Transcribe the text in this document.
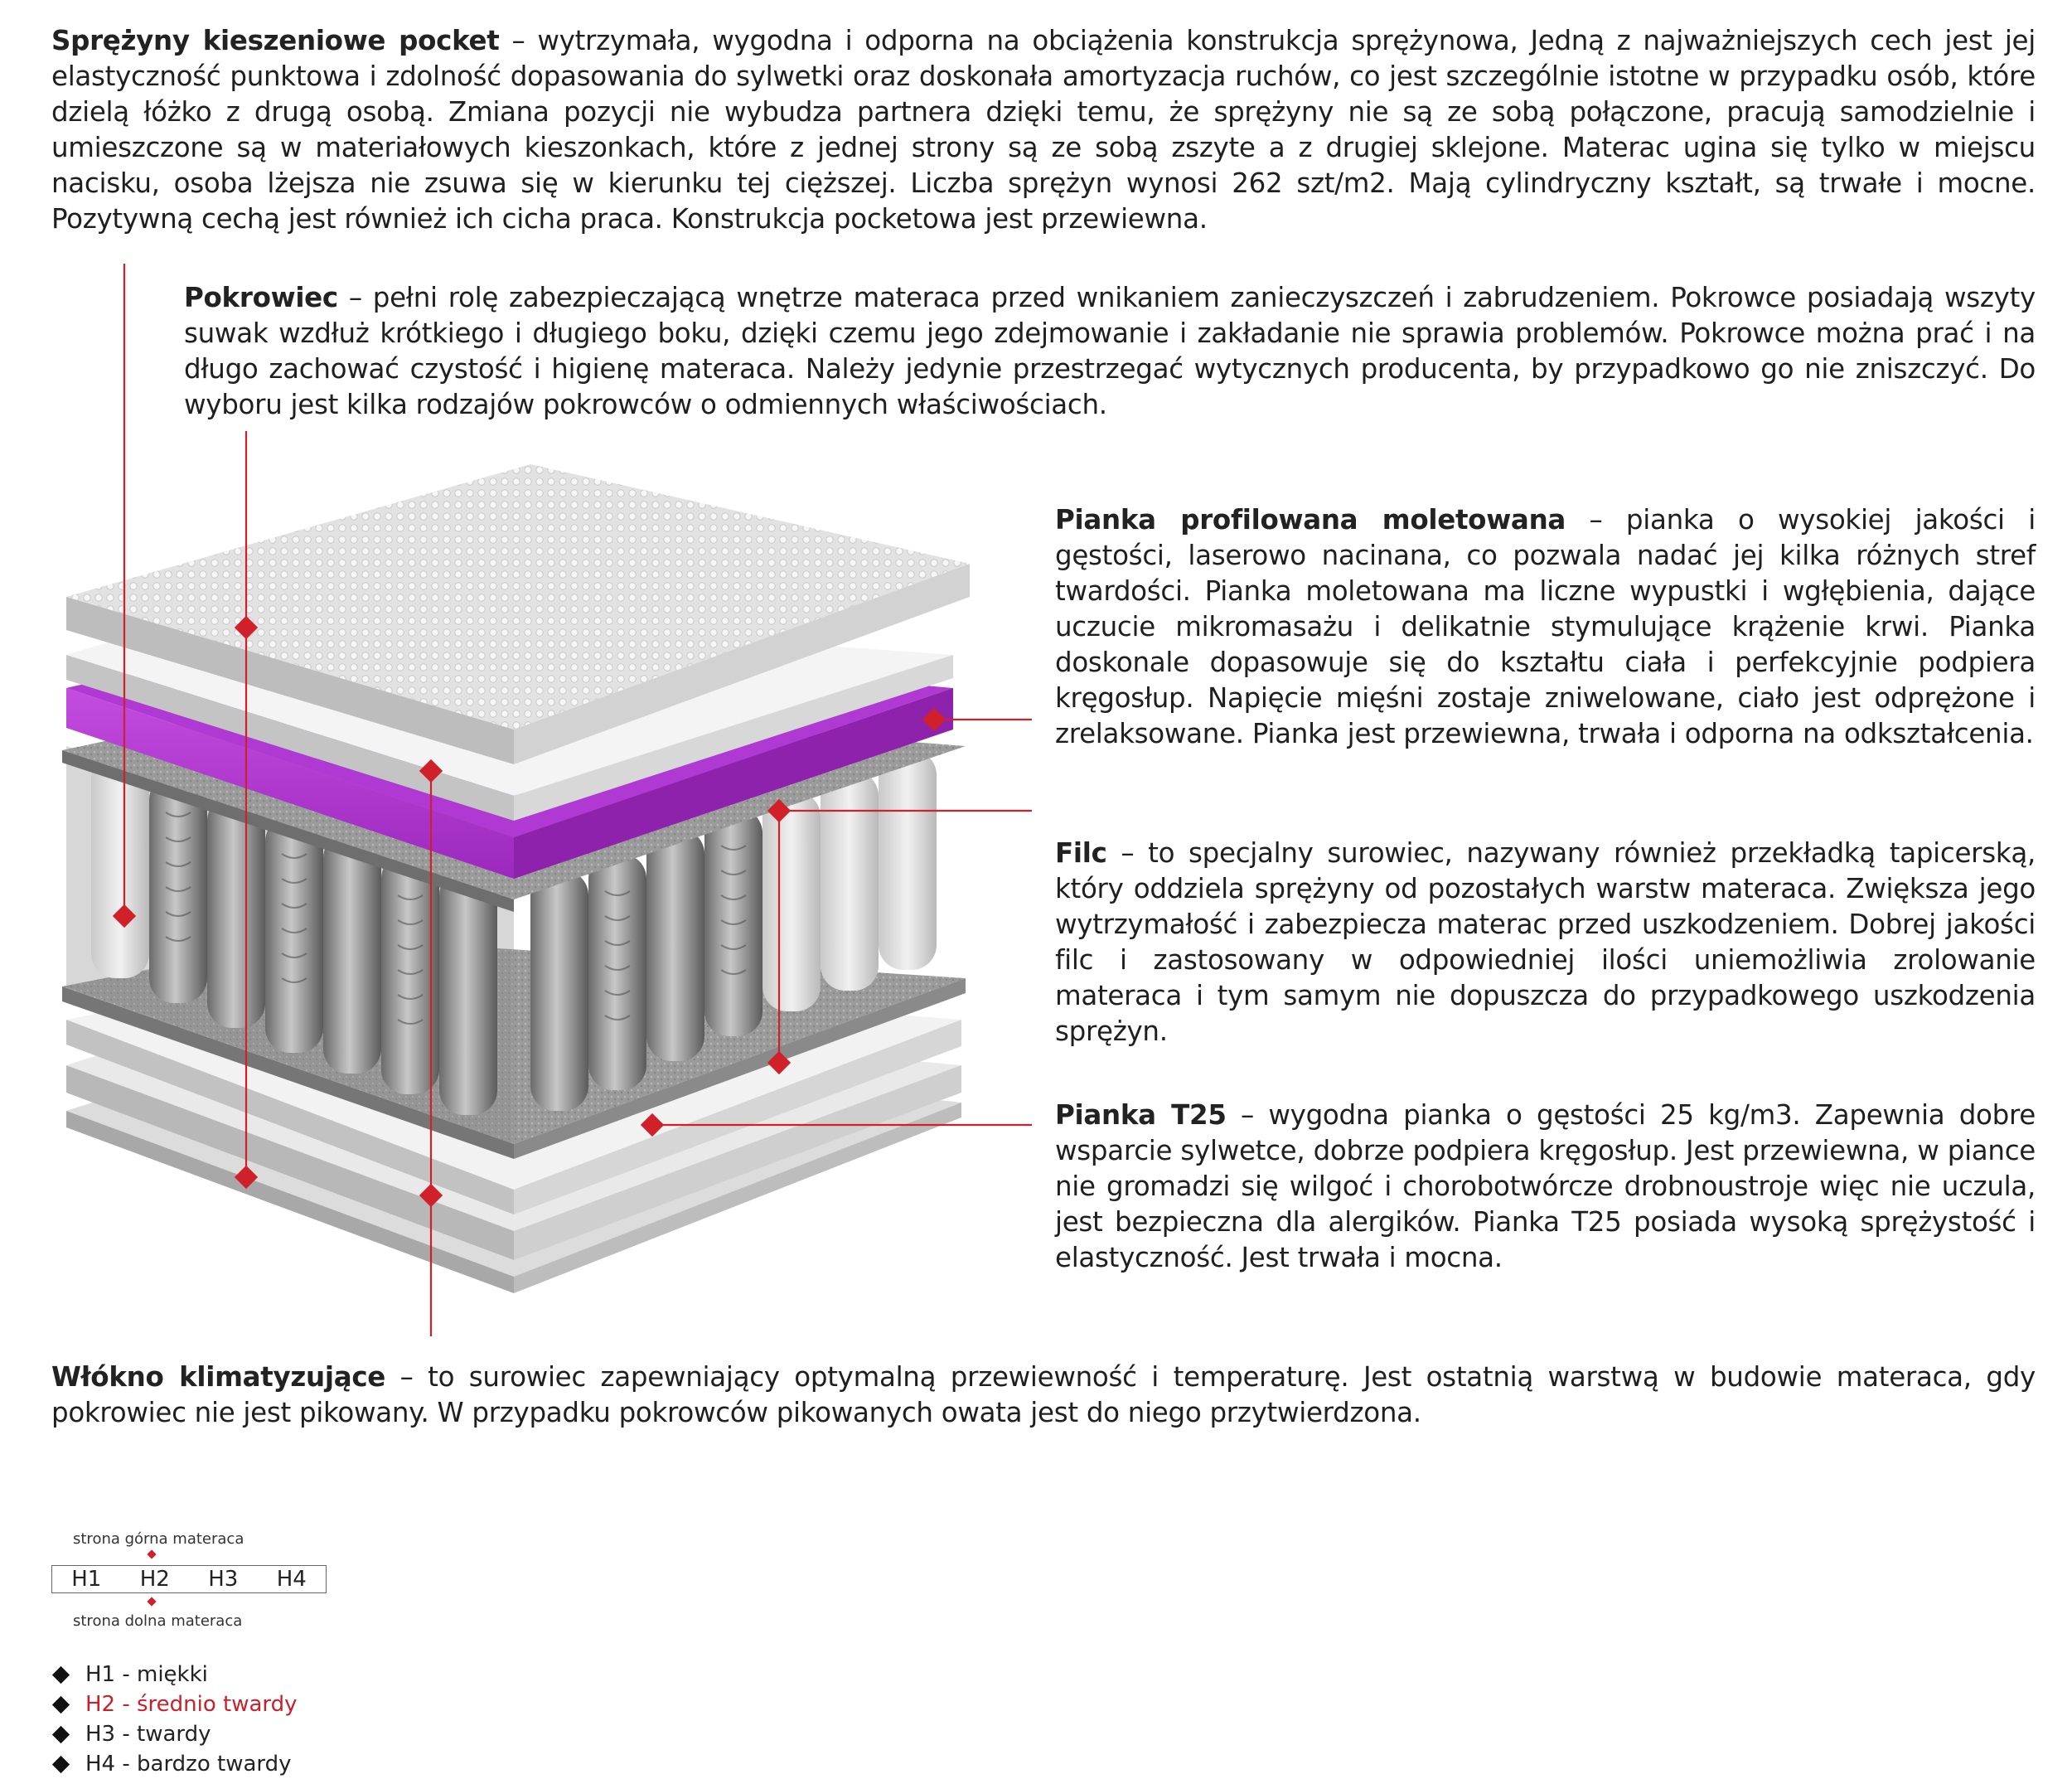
Sprężyny kieszeniowe pocket – wytrzymała, wygodna i odporna na obciążenia konstrukcja sprężynowa, Jedną z najważniejszych cech jest jej elastyczność punktowa i zdolność dopasowania do sylwetki oraz doskonała amortyzacja ruchów, co jest szczególnie istotne w przypadku osób, które dzielą łóżko z drugą osobą. Zmiana pozycji nie wybudza partnera dzięki temu, że sprężyny nie są ze sobą połączone, pracują samodzielnie i umieszczone są w materiałowych kieszonkach, które z jednej strony są ze sobą zszyte a z drugiej sklejone. Materac ugina się tylko w miejscu nacisku, osoba lżejsza nie zsuwa się w kierunku tej cięższej. Liczba sprężyn wynosi 262 szt/m2. Mają cylindryczny kształt, są trwałe i mocne. Pozytywną cechą jest również ich cicha praca. Konstrukcja pocketowa jest przewiewna.

Pokrowiec – pełni rolę zabezpieczającą wnętrze materaca przed wnikaniem zanieczyszczeń i zabrudzeniem. Pokrowce posiadają wszyty suwak wzdłuż krótkiego i długiego boku, dzięki czemu jego zdejmowanie i zakładanie nie sprawia problemów. Pokrowce można prać i na długo zachować czystość i higienę materaca. Należy jedynie przestrzegać wytycznych producenta, by przypadkowo go nie zniszczyć. Do wyboru jest kilka rodzajów pokrowców o odmiennych właściwościach.

Pianka profilowana moletowana – pianka o wysokiej jakości i gęstości, laserowo nacinana, co pozwala nadać jej kilka różnych stref twardości. Pianka moletowana ma liczne wypustki i wgłębienia, dające uczucie mikromasażu i delikatnie stymulujące krążenie krwi. Pianka doskonale dopasowuje się do kształtu ciała i perfekcyjnie podpiera kręgosłup. Napięcie mięśni zostaje zniwelowane, ciało jest odprężone i zrelaksowane. Pianka jest przewiewna, trwała i odporna na odkształcenia.

Filc – to specjalny surowiec, nazywany również przekładką tapicerską, który oddziela sprężyny od pozostałych warstw materaca. Zwiększa jego wytrzymałość i zabezpiecza materac przed uszkodzeniem. Dobrej jakości filc i zastosowany w odpowiedniej ilości uniemożliwia zrolowanie materaca i tym samym nie dopuszcza do przypadkowego uszkodzenia sprężyn.

Pianka T25 – wygodna pianka o gęstości 25 kg/m3. Zapewnia dobre wsparcie sylwetce, dobrze podpiera kręgosłup. Jest przewiewna, w piance nie gromadzi się wilgoć i chorobotwórcze drobnoustroje więc nie uczula, jest bezpieczna dla alergików. Pianka T25 posiada wysoką sprężystość i elastyczność. Jest trwała i mocna.

Włókno klimatyzujące – to surowiec zapewniający optymalną przewiewność i temperaturę. Jest ostatnią warstwą w budowie materaca, gdy pokrowiec nie jest pikowany. W przypadku pokrowców pikowanych owata jest do niego przytwierdzona.

strona górna materaca
H1 H2 H3 H4
strona dolna materaca
H1 - miękki
H2 - średnio twardy
H3 - twardy
H4 - bardzo twardy
